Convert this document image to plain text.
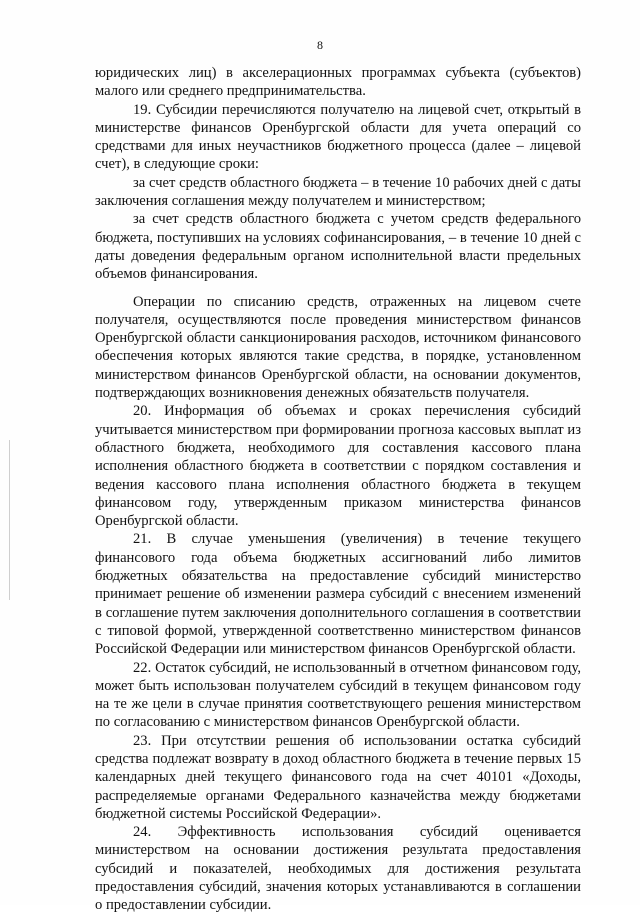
8

юридических лиц) в акселерационных программах субъекта (субъектов) малого или среднего предпринимательства.

19. Субсидии перечисляются получателю на лицевой счет, открытый в министерстве финансов Оренбургской области для учета операций со средствами для иных неучастников бюджетного процесса (далее – лицевой счет), в следующие сроки:

за счет средств областного бюджета – в течение 10 рабочих дней с даты заключения соглашения между получателем и министерством;

за счет средств областного бюджета с учетом средств федерального бюджета, поступивших на условиях софинансирования, – в течение 10 дней с даты доведения федеральным органом исполнительной власти предельных объемов финансирования.

Операции по списанию средств, отраженных на лицевом счете получателя, осуществляются после проведения министерством финансов Оренбургской области санкционирования расходов, источником финансового обеспечения которых являются такие средства, в порядке, установленном министерством финансов Оренбургской области, на основании документов, подтверждающих возникновения денежных обязательств получателя.

20. Информация об объемах и сроках перечисления субсидий учитывается министерством при формировании прогноза кассовых выплат из областного бюджета, необходимого для составления кассового плана исполнения областного бюджета в соответствии с порядком составления и ведения кассового плана исполнения областного бюджета в текущем финансовом году, утвержденным приказом министерства финансов Оренбургской области.

21. В случае уменьшения (увеличения) в течение текущего финансового года объема бюджетных ассигнований либо лимитов бюджетных обязательства на предоставление субсидий министерство принимает решение об изменении размера субсидий с внесением изменений в соглашение путем заключения дополнительного соглашения в соответствии с типовой формой, утвержденной соответственно министерством финансов Российской Федерации или министерством финансов Оренбургской области.

22. Остаток субсидий, не использованный в отчетном финансовом году, может быть использован получателем субсидий в текущем финансовом году на те же цели в случае принятия соответствующего решения министерством по согласованию с министерством финансов Оренбургской области.

23. При отсутствии решения об использовании остатка субсидий средства подлежат возврату в доход областного бюджета в течение первых 15 календарных дней текущего финансового года на счет 40101 «Доходы, распределяемые органами Федерального казначейства между бюджетами бюджетной системы Российской Федерации».

24. Эффективность использования субсидий оценивается министерством на основании достижения результата предоставления субсидий и показателей, необходимых для достижения результата предоставления субсидий, значения которых устанавливаются в соглашении о предоставлении субсидии.
